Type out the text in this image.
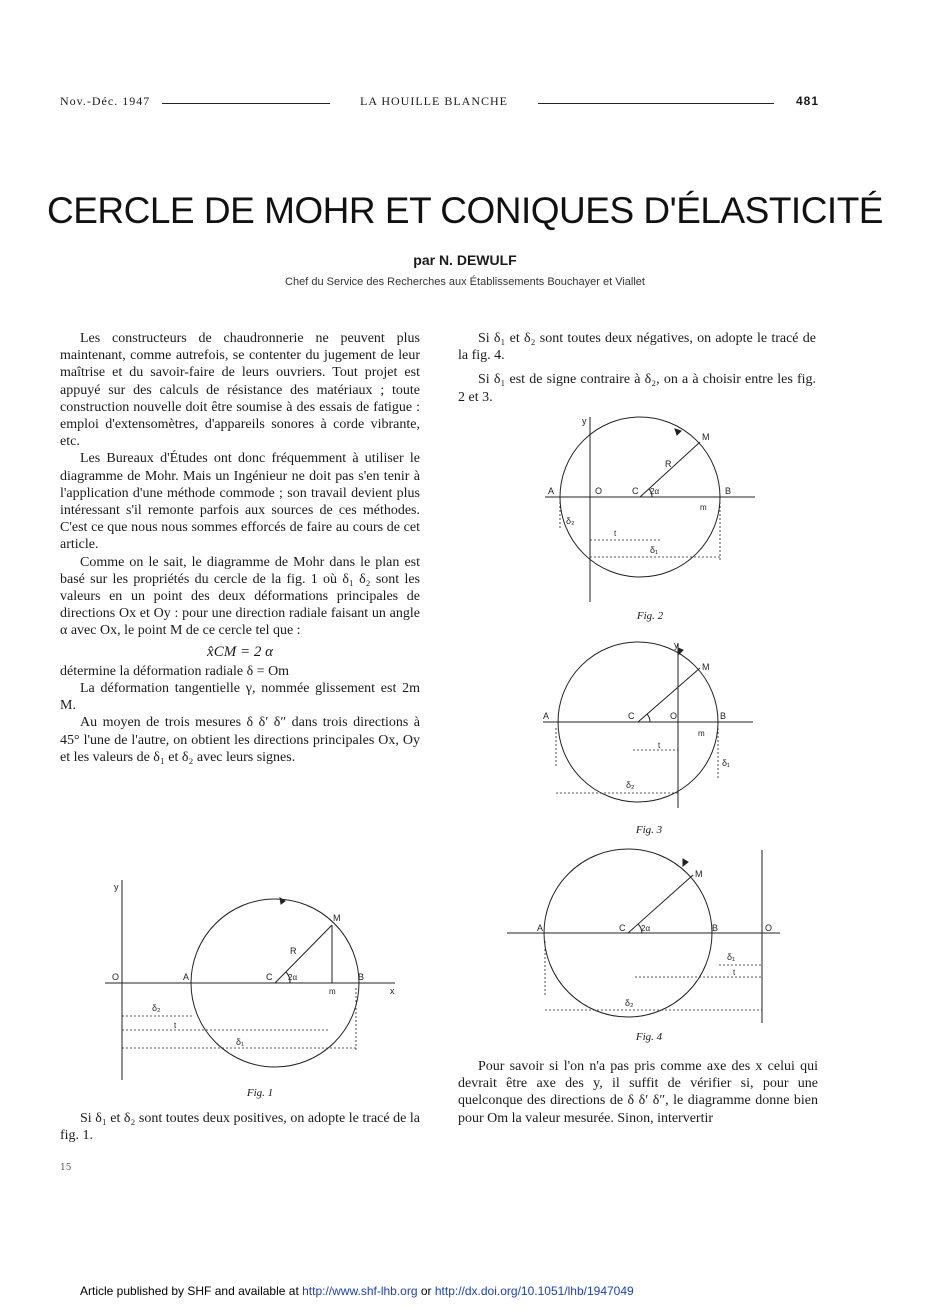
Nov.-Déc. 1947	LA HOUILLE BLANCHE	481
CERCLE DE MOHR ET CONIQUES D'ÉLASTICITÉ
par N. DEWULF
Chef du Service des Recherches aux Établissements Bouchayer et Viallet

Les constructeurs de chaudronnerie ne peuvent plus maintenant, comme autrefois, se contenter du jugement de leur maîtrise et du savoir-faire de leurs ouvriers. Tout projet est appuyé sur des calculs de résistance des matériaux ; toute construction nouvelle doit être soumise à des essais de fatigue : emploi d'extensomètres, d'appareils sonores à corde vibrante, etc.

Les Bureaux d'Études ont donc fréquemment à utiliser le diagramme de Mohr. Mais un Ingénieur ne doit pas s'en tenir à l'application d'une méthode commode ; son travail devient plus intéressant s'il remonte parfois aux sources de ces méthodes. C'est ce que nous nous sommes efforcés de faire au cours de cet article.

Comme on le sait, le diagramme de Mohr dans le plan est basé sur les propriétés du cercle de la fig. 1 où δ₁ δ₂ sont les valeurs en un point des deux déformations principales de directions Ox et Oy : pour une direction radiale faisant un angle α avec Ox, le point M de ce cercle tel que :

x̂CM = 2 α

détermine la déformation radiale δ = Om

La déformation tangentielle γ, nommée glissement est 2m M.

Au moyen de trois mesures δ δ′ δ″ dans trois directions à 45° l'une de l'autre, on obtient les directions principales Ox, Oy et les valeurs de δ₁ et δ₂ avec leurs signes.

y
x
O	A	B
C
M
R
m
2α
δ₂
t
δ₁
Fig. 1

Si δ₁ et δ₂ sont toutes deux positives, on adopte le tracé de la fig. 1.

15

Si δ₁ et δ₂ sont toutes deux négatives, on adopte le tracé de la fig. 4.

Si δ₁ est de signe contraire à δ₂, on a à choisir entre les fig. 2 et 3.

y
A	O	C	B
M
R
m
2α
δ₂
t
δ₁
Fig. 2
y
A	C	O	B
M
m
t
δ₁
δ₂
Fig. 3
A	C	B	O
M
2α
δ₁
t
δ₂
Fig. 4

Pour savoir si l'on n'a pas pris comme axe des x celui qui devrait être axe des y, il suffit de vérifier si, pour une quelconque des directions de δ δ′ δ″, le diagramme donne bien pour Om la valeur mesurée. Sinon, intervertir

Article published by SHF and available at http://www.shf-lhb.org or http://dx.doi.org/10.1051/lhb/1947049
